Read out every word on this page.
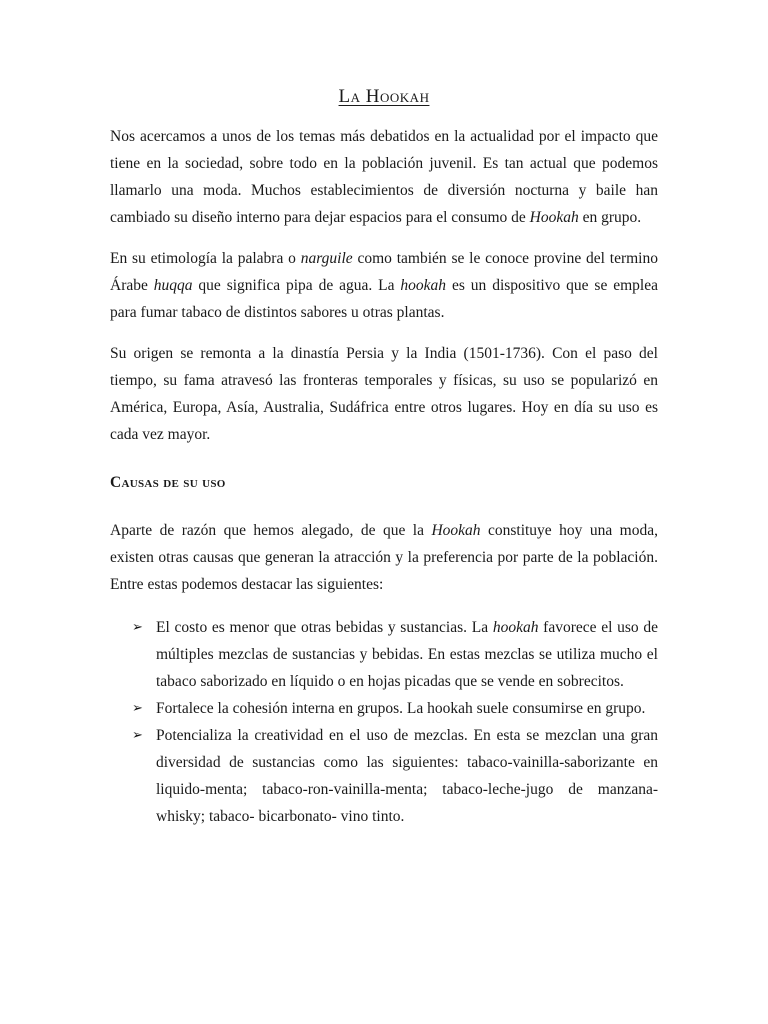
La Hookah

Nos acercamos a unos de los temas más debatidos en la actualidad por el impacto que tiene en la sociedad, sobre todo en la población juvenil. Es tan actual que podemos llamarlo una moda. Muchos establecimientos de diversión nocturna y baile han cambiado su diseño interno para dejar espacios para el consumo de Hookah en grupo.

En su etimología la palabra o narguile como también se le conoce provine del termino Árabe huqqa que significa pipa de agua. La hookah es un dispositivo que se emplea para fumar tabaco de distintos sabores u otras plantas.

Su origen se remonta a la dinastía Persia y la India (1501-1736). Con el paso del tiempo, su fama atravesó las fronteras temporales y físicas, su uso se popularizó en América, Europa, Asía, Australia, Sudáfrica entre otros lugares. Hoy en día su uso es cada vez mayor.

Causas de su uso

Aparte de razón que hemos alegado, de que la Hookah constituye hoy una moda, existen otras causas que generan la atracción y la preferencia por parte de la población. Entre estas podemos destacar las siguientes:

➢ El costo es menor que otras bebidas y sustancias. La hookah favorece el uso de múltiples mezclas de sustancias y bebidas. En estas mezclas se utiliza mucho el tabaco saborizado en líquido o en hojas picadas que se vende en sobrecitos.
➢ Fortalece la cohesión interna en grupos. La hookah suele consumirse en grupo.
➢ Potencializa la creatividad en el uso de mezclas. En esta se mezclan una gran diversidad de sustancias como las siguientes: tabaco-vainilla-saborizante en liquido-menta; tabaco-ron-vainilla-menta; tabaco-leche-jugo de manzana- whisky; tabaco- bicarbonato- vino tinto.
